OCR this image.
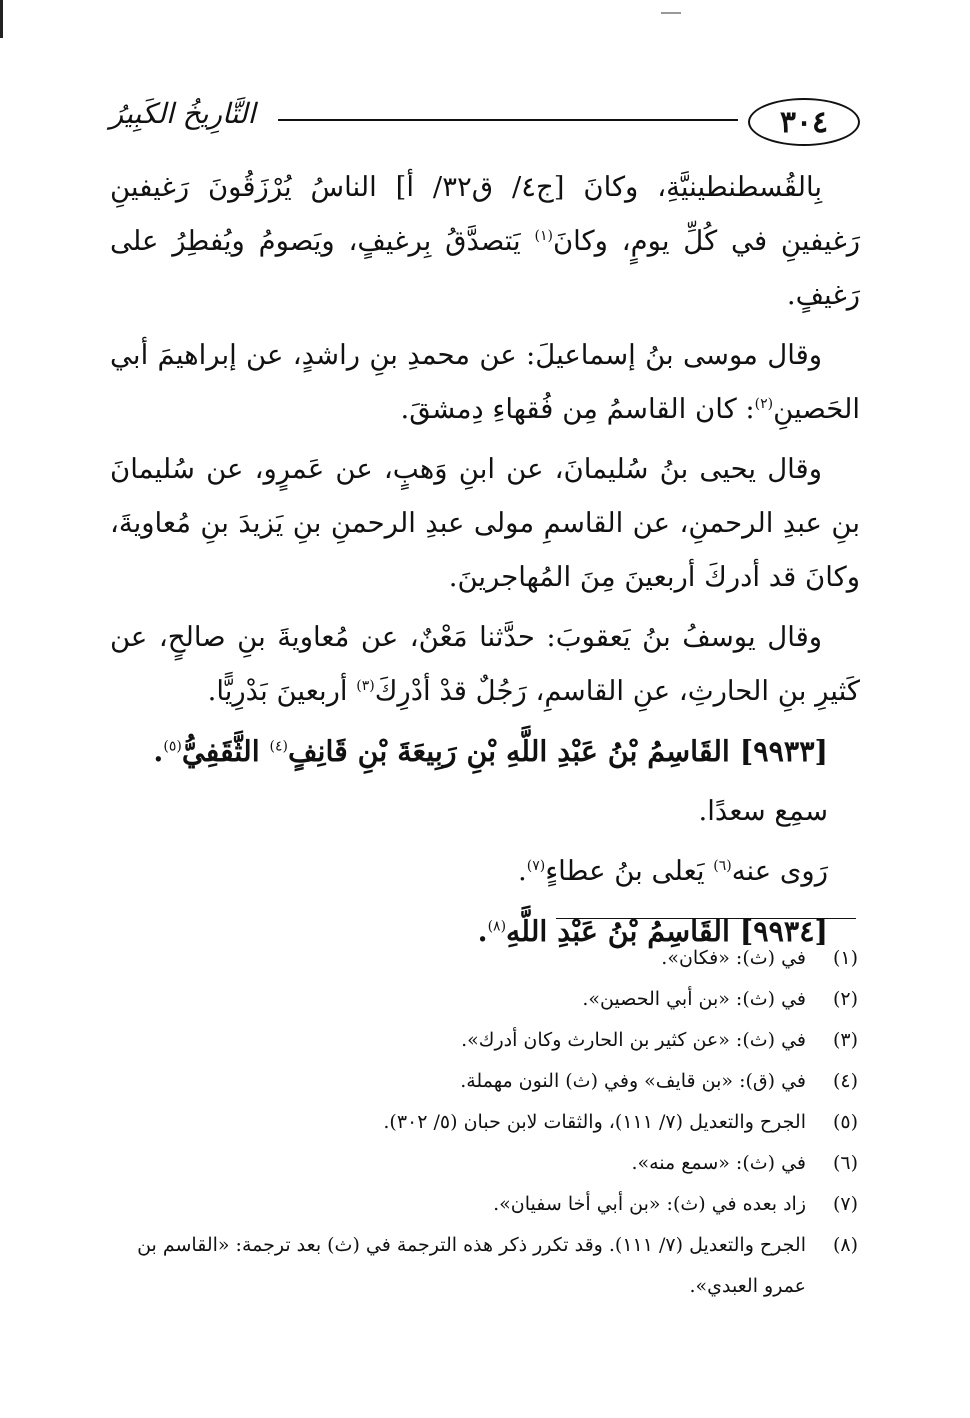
٣٠٤
التَّارِيخُ الكَبِيرُ

بِالقُسطنطينيَّةِ، وكانَ [ج٤/ ق٣٢/ أ] الناسُ يُرْزَقُونَ رَغيفينِ رَغيفينِ في كُلِّ يومٍ، وكانَ$^{(١)}$ يَتصدَّقُ بِرغيفٍ، ويَصومُ ويُفطِرُ على رَغيفٍ.

وقال موسى بنُ إسماعيلَ: عن محمدِ بنِ راشدٍ، عن إبراهيمَ أبي الحَصينِ$^{(٢)}$: كان القاسمُ مِن فُقهاءِ دِمشقَ.

وقال يحيى بنُ سُليمانَ، عن ابنِ وَهبٍ، عن عَمرٍو، عن سُليمانَ بنِ عبدِ الرحمنِ، عن القاسمِ مولى عبدِ الرحمنِ بنِ يَزيدَ بنِ مُعاويةَ، وكانَ قد أدركَ أربعينَ مِنَ المُهاجرينَ.

وقال يوسفُ بنُ يَعقوبَ: حدَّثنا مَعْنٌ، عن مُعاويةَ بنِ صالحٍ، عن كَثيرِ بنِ الحارثِ، عنِ القاسمِ، رَجُلٌ قدْ أدْرِكَ$^{(٣)}$ أربعينَ بَدْرِيًّا.

[٩٩٣٣] القَاسِمُ بْنُ عَبْدِ اللَّهِ بْنِ رَبِيعَةَ بْنِ قَانِفٍ$^{(٤)}$ الثَّقَفِيُّ$^{(٥)}$.

سمِع سعدًا.

رَوى عنه$^{(٦)}$ يَعلى بنُ عطاءٍ$^{(٧)}$.

[٩٩٣٤] القَاسِمُ بْنُ عَبْدِ اللَّهِ$^{(٨)}$.

(١)
في (ث): «فكان».
(٢)
في (ث): «بن أبي الحصين».
(٣)
في (ث): «عن كثير بن الحارث وكان أدرك».
(٤)
في (ق): «بن قايف» وفي (ث) النون مهملة.
(٥)
الجرح والتعديل (٧/ ١١١)، والثقات لابن حبان (٥/ ٣٠٢).
(٦)
في (ث): «سمع منه».
(٧)
زاد بعده في (ث): «بن أبي أخا سفيان».
(٨)
الجرح والتعديل (٧/ ١١١). وقد تكرر ذكر هذه الترجمة في (ث) بعد ترجمة: «القاسم بن عمرو العبدي».
